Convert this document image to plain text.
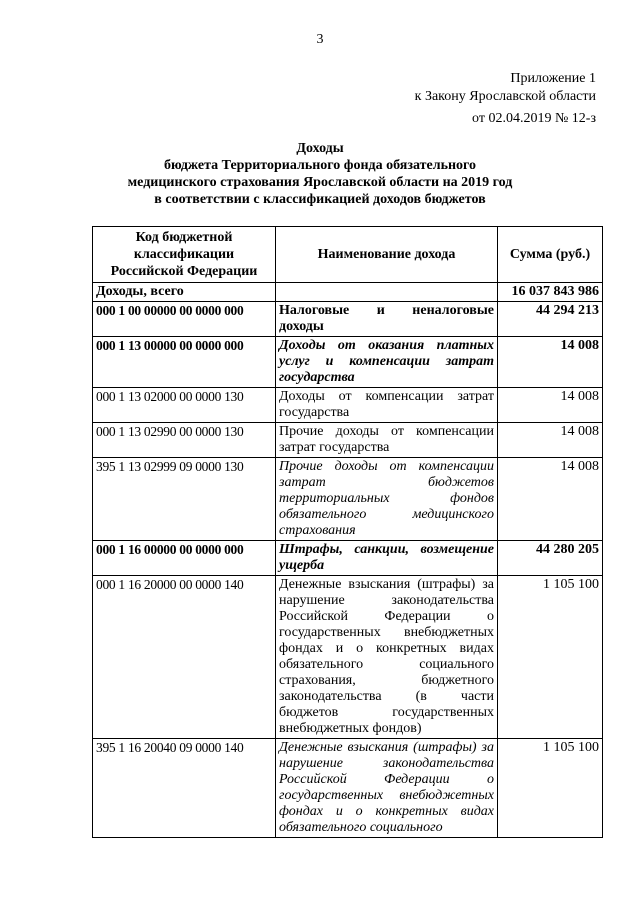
3
Приложение 1
к Закону Ярославской области
от 02.04.2019 № 12-з
Доходы
бюджета Территориального фонда обязательного
медицинского страхования Ярославской области на 2019 год
в соответствии с классификацией доходов бюджетов
Код бюджетной классификации Российской Федерации	Наименование дохода	Сумма (руб.)
Доходы, всего		16 037 843 986
000 1 00 00000 00 0000 000	Налоговые и неналоговые доходы	44 294 213
000 1 13 00000 00 0000 000	Доходы от оказания платных услуг и компенсации затрат государства	14 008
000 1 13 02000 00 0000 130	Доходы от компенсации затрат государства	14 008
000 1 13 02990 00 0000 130	Прочие доходы от компенсации затрат государства	14 008
395 1 13 02999 09 0000 130	Прочие доходы от компенсации затрат бюджетов территориальных фондов обязательного медицинского страхования	14 008
000 1 16 00000 00 0000 000	Штрафы, санкции, возмещение ущерба	44 280 205
000 1 16 20000 00 0000 140	Денежные взыскания (штрафы) за нарушение законодательства Российской Федерации о государственных внебюджетных фондах и о конкретных видах обязательного социального страхования, бюджетного законодательства (в части бюджетов государственных внебюджетных фондов)	1 105 100
395 1 16 20040 09 0000 140	Денежные взыскания (штрафы) за нарушение законодательства Российской Федерации о государственных внебюджетных фондах и о конкретных видах обязательного социального	1 105 100
